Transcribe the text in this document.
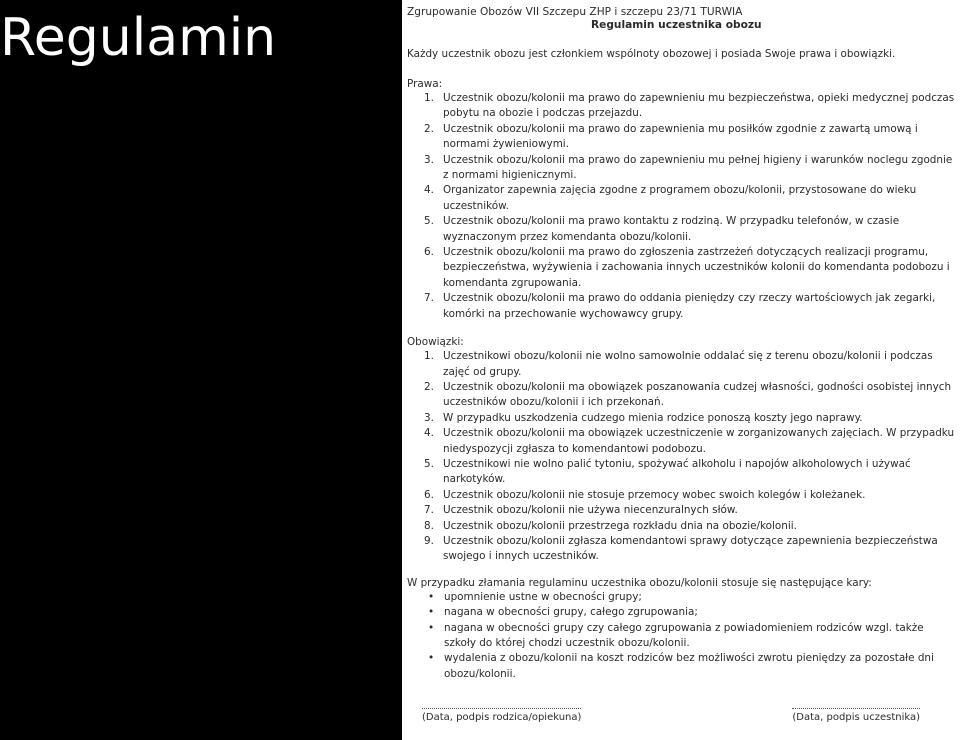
Regulamin	Zgrupowanie Obozów VII Szczepu ZHP i szczepu 23/71 TURWIA
Regulamin uczestnika obozu
Każdy uczestnik obozu jest członkiem wspólnoty obozowej i posiada Swoje prawa i obowiązki.
Prawa:
1. Uczestnik obozu/kolonii ma prawo do zapewnieniu mu bezpieczeństwa, opieki medycznej podczas pobytu na obozie i podczas przejazdu.
2. Uczestnik obozu/kolonii ma prawo do zapewnienia mu posiłków zgodnie z zawartą umową i normami żywieniowymi.
3. Uczestnik obozu/kolonii ma prawo do zapewnieniu mu pełnej higieny i warunków noclegu zgodnie z normami higienicznymi.
4. Organizator zapewnia zajęcia zgodne z programem obozu/kolonii, przystosowane do wieku uczestników.
5. Uczestnik obozu/kolonii ma prawo kontaktu z rodziną. W przypadku telefonów, w czasie wyznaczonym przez komendanta obozu/kolonii.
6. Uczestnik obozu/kolonii ma prawo do zgłoszenia zastrzeżeń dotyczących realizacji programu, bezpieczeństwa, wyżywienia i zachowania innych uczestników kolonii do komendanta podobozu i komendanta zgrupowania.
7. Uczestnik obozu/kolonii ma prawo do oddania pieniędzy czy rzeczy wartościowych jak zegarki, komórki na przechowanie wychowawcy grupy.
Obowiązki:
1. Uczestnikowi obozu/kolonii nie wolno samowolnie oddalać się z terenu obozu/kolonii i podczas zajęć od grupy.
2. Uczestnik obozu/kolonii ma obowiązek poszanowania cudzej własności, godności osobistej innych uczestników obozu/kolonii i ich przekonań.
3. W przypadku uszkodzenia cudzego mienia rodzice ponoszą koszty jego naprawy.
4. Uczestnik obozu/kolonii ma obowiązek uczestniczenie w zorganizowanych zajęciach. W przypadku niedyspozycji zgłasza to komendantowi podobozu.
5. Uczestnikowi nie wolno palić tytoniu, spożywać alkoholu i napojów alkoholowych i używać narkotyków.
6. Uczestnik obozu/kolonii nie stosuje przemocy wobec swoich kolegów i koleżanek.
7. Uczestnik obozu/kolonii nie używa niecenzuralnych słów.
8. Uczestnik obozu/kolonii przestrzega rozkładu dnia na obozie/kolonii.
9. Uczestnik obozu/kolonii zgłasza komendantowi sprawy dotyczące zapewnienia bezpieczeństwa swojego i innych uczestników.
W przypadku złamania regulaminu uczestnika obozu/kolonii stosuje się następujące kary:
• upomnienie ustne w obecności grupy;
• nagana w obecności grupy, całego zgrupowania;
• nagana w obecności grupy czy całego zgrupowania z powiadomieniem rodziców wzgl. także szkoły do której chodzi uczestnik obozu/kolonii.
• wydalenia z obozu/kolonii na koszt rodziców bez możliwości zwrotu pieniędzy za pozostałe dni obozu/kolonii.
(Data, podpis rodzica/opiekuna)	(Data, podpis uczestnika)
